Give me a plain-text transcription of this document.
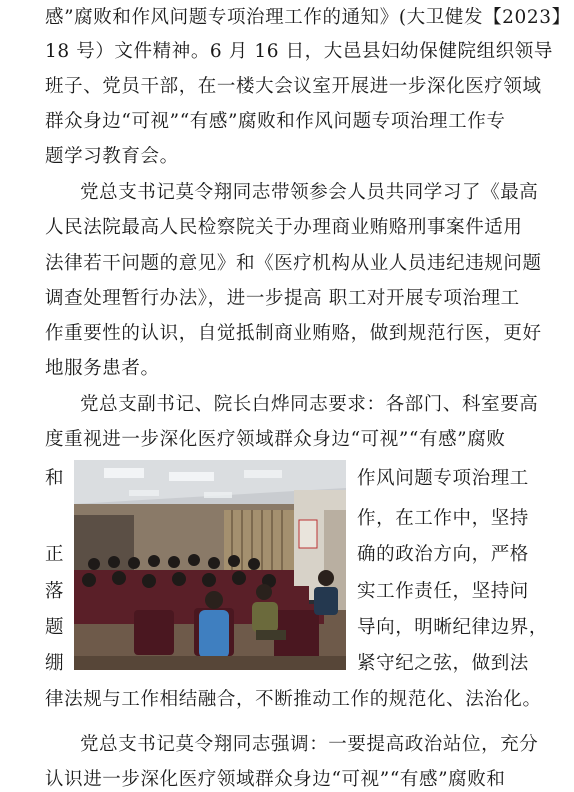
感”腐败和作风问题专项治理工作的通知》(大卫健发【2023】
18 号）文件精神。6 月 16 日，大邑县妇幼保健院组织领导
班子、党员干部，在一楼大会议室开展进一步深化医疗领域
群众身边“可视”“有感”腐败和作风问题专项治理工作专
题学习教育会。
党总支书记莫令翔同志带领参会人员共同学习了《最高
人民法院最高人民检察院关于办理商业贿赂刑事案件适用
法律若干问题的意见》和《医疗机构从业人员违纪违规问题
调查处理暂行办法》，进一步提高 职工对开展专项治理工
作重要性的认识，自觉抵制商业贿赂，做到规范行医，更好
地服务患者。
党总支副书记、院长白烨同志要求：各部门、科室要高
度重视进一步深化医疗领域群众身边“可视”“有感”腐败
和
正
落
题
绷
作风问题专项治理工
作，在工作中，坚持
确的政治方向，严格
实工作责任，坚持问
导向，明晰纪律边界，
紧守纪之弦，做到法
律法规与工作相结融合，不断推动工作的规范化、法治化。
党总支书记莫令翔同志强调：一要提高政治站位，充分
认识进一步深化医疗领域群众身边“可视”“有感”腐败和
